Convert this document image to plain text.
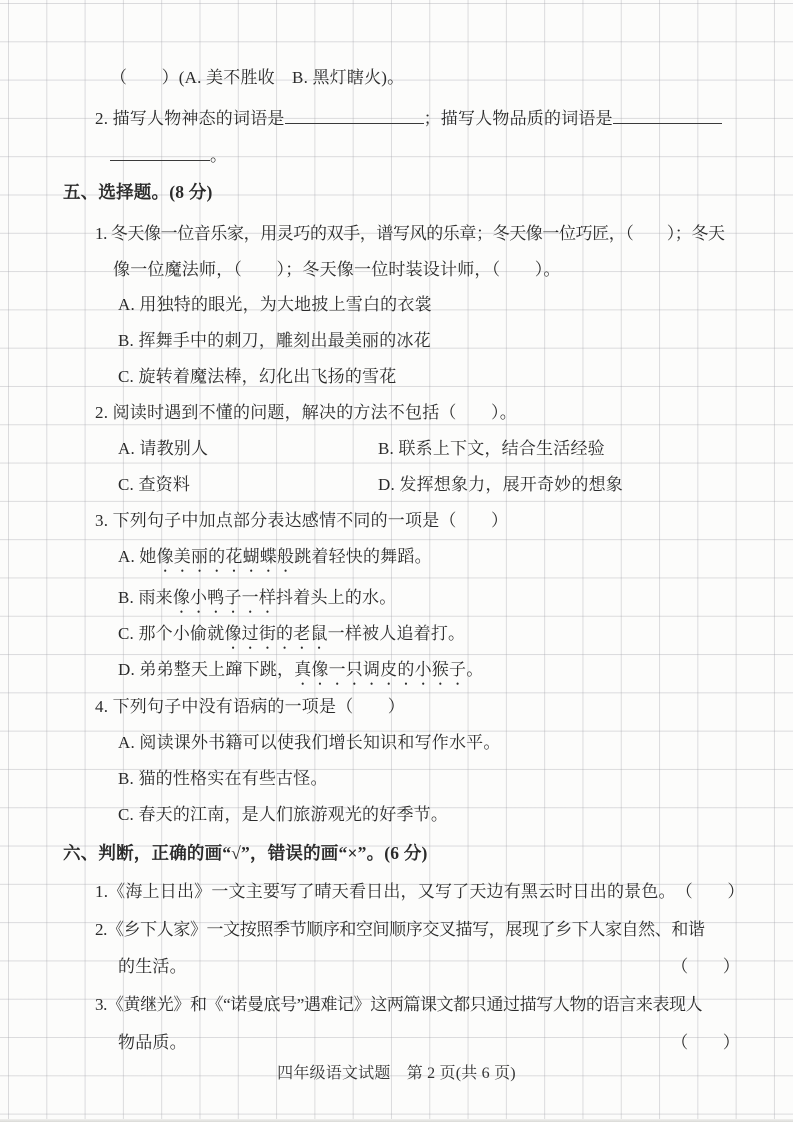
（　　）(A. 美不胜收　B. 黑灯瞎火)。
2. 描写人物神态的词语是	；描写人物品质的词语是
。
五、选择题。(8 分)
1. 冬天像一位音乐家，用灵巧的双手，谱写风的乐章；冬天像一位巧匠，（　　）；冬天
像一位魔法师，（　　）；冬天像一位时装设计师，（　　）。
A. 用独特的眼光，为大地披上雪白的衣裳
B. 挥舞手中的刺刀，雕刻出最美丽的冰花
C. 旋转着魔法棒，幻化出飞扬的雪花
2. 阅读时遇到不懂的问题，解决的方法不包括（　　）。
A. 请教别人	B. 联系上下文，结合生活经验
C. 查资料	D. 发挥想象力，展开奇妙的想象
3. 下列句子中加点部分表达感情不同的一项是（　　）
A. 她像美丽的花蝴蝶般跳着轻快的舞蹈。
B. 雨来像小鸭子一样抖着头上的水。
C. 那个小偷就像过街的老鼠一样被人追着打。
D. 弟弟整天上蹿下跳，真像一只调皮的小猴子。
4. 下列句子中没有语病的一项是（　　）
A. 阅读课外书籍可以使我们增长知识和写作水平。
B. 猫的性格实在有些古怪。
C. 春天的江南，是人们旅游观光的好季节。
六、判断，正确的画“√”，错误的画“×”。(6 分)
1.《海上日出》一文主要写了晴天看日出，又写了天边有黑云时日出的景色。 （　　）
2.《乡下人家》一文按照季节顺序和空间顺序交叉描写，展现了乡下人家自然、和谐
的生活。	（　　）
3.《黄继光》和《“诺曼底号”遇难记》这两篇课文都只通过描写人物的语言来表现人
物品质。	（　　）
四年级语文试题　第 2 页(共 6 页)
